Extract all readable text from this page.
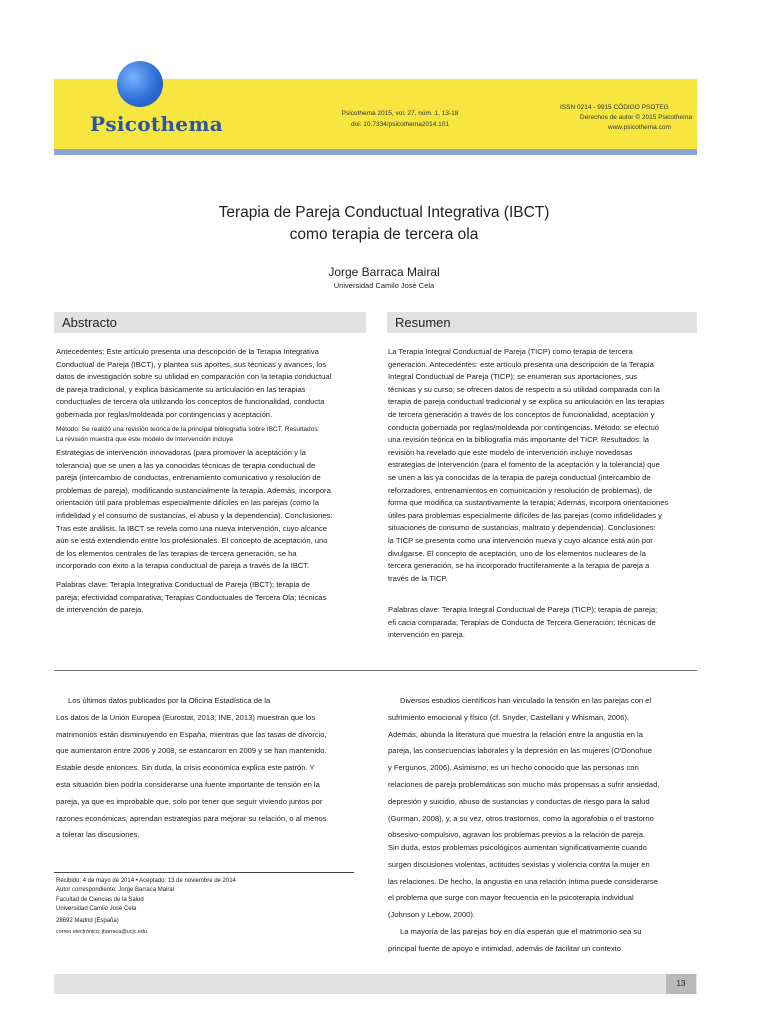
Psicothema	Psicothema 2015, vol. 27, núm. 1, 13-18
doi: 10.7334/psicothema2014.101
ISSN 0214 - 9915 CÓDIGO PSOTEG
Derechos de autor © 2015 Psicothema
www.psicothema.com
Terapia de Pareja Conductual Integrativa (IBCT)
como terapia de tercera ola
Jorge Barraca Mairal
Universidad Camilo José Cela
Abstracto	Resumen

Antecedentes: Este artículo presenta una descripción de la Terapia Integrativa

Conductual de Pareja (IBCT), y plantea sus aportes, sus técnicas y avances, los

datos de investigación sobre su utilidad en comparación con la terapia conductual

de pareja tradicional, y explica básicamente su articulación en las terapias

conductuales de tercera ola utilizando los conceptos de funcionalidad, conducta

gobernada por reglas/moldeada por contingencias y aceptación.

Método: Se realizó una revisión teórica de la principal bibliografía sobre IBCT. Resultados:

La revisión muestra que este modelo de intervención incluye

Estrategias de intervención innovadoras (para promover la aceptación y la

tolerancia) que se unen a las ya conocidas técnicas de terapia conductual de

pareja (intercambio de conductas, entrenamiento comunicativo y resolución de

problemas de pareja), modificando sustancialmente la terapia. Además, incorpora

orientación útil para problemas especialmente difíciles en las parejas (como la

infidelidad y el consumo de sustancias, el abuso y la dependencia). Conclusiones:

Tras este análisis, la IBCT se revela como una nueva intervención, cuyo alcance

aún se está extendiendo entre los profesionales. El concepto de aceptación, uno

de los elementos centrales de las terapias de tercera generación, se ha

incorporado con éxito a la terapia conductual de pareja a través de la IBCT.

Palabras clave: Terapia Integrativa Conductual de Pareja (IBCT); terapia de

pareja; efectividad comparativa; Terapias Conductuales de Tercera Ola; técnicas

de intervención de pareja.

La Terapia Integral Conductual de Pareja (TICP) como terapia de tercera

generación. Antecedentes: este artículo presenta una descripción de la Terapia

Integral Conductual de Pareja (TICP); se enumeran sus aportaciones, sus

técnicas y su curso; se ofrecen datos de respecto a su utilidad comparada con la

terapia de pareja conductual tradicional y se explica su articulación en las terapias

de tercera generación a través de los conceptos de funcionalidad, aceptación y

conducta gobernada por reglas/moldeada por contingencias. Método: se efectuó

una revisión teórica en la bibliografía más importante del TICP. Resultados: la

revisión ha revelado que este modelo de intervención incluye novedosas

estrategias de intervención (para el fomento de la aceptación y la tolerancia) que

se unen a las ya conocidas de la terapia de pareja conductual (intercambio de

reforzadores, entrenamientos en comunicación y resolución de problemas), de

forma que modifica ca sustantivamente la terapia; Además, incorpora orientaciones

útiles para problemas especialmente difíciles de las parejas (como infidelidades y

situaciones de consumo de sustancias, maltrato y dependencia). Conclusiones:

la TICP se presenta como una intervención nueva y cuyo alcance está aún por

divulgarse. El concepto de aceptación, uno de los elementos nucleares de la

tercera generación, se ha incorporado fructíferamente a la terapia de pareja a

través de la TICP.

Palabras clave: Terapia Integral Conductual de Pareja (TICP); terapia de pareja;

efi cacia comparada; Terapias de Conducta de Tercera Generación; técnicas de

intervención en pareja.

Los últimos datos publicados por la Oficina Estadística de la

Los datos de la Unión Europea (Eurostat, 2013; INE, 2013) muestran que los

matrimonios están disminuyendo en España, mientras que las tasas de divorcio,

que aumentaron entre 2006 y 2008, se estancaron en 2009 y se han mantenido.

Estable desde entonces. Sin duda, la crisis económica explica este patrón. Y

esta situación bien podría considerarse una fuente importante de tensión en la

pareja, ya que es improbable que, solo por tener que seguir viviendo juntos por

razones económicas, aprendan estrategias para mejorar su relación, o al menos

a tolerar las discusiones.

Diversos estudios científicos han vinculado la tensión en las parejas con el

sufrimiento emocional y físico (cf. Snyder, Castellani y Whisman, 2006).

Además, abunda la literatura que muestra la relación entre la angustia en la

pareja, las consecuencias laborales y la depresión en las mujeres (O'Donohue

y Fergunos, 2006). Asimismo, es un hecho conocido que las personas con

relaciones de pareja problemáticas son mucho más propensas a sufrir ansiedad,

depresión y suicidio, abuso de sustancias y conductas de riesgo para la salud

(Gurman, 2008), y, a su vez, otros trastornos, como la agorafobia o el trastorno

obsesivo-compulsivo, agravan los problemas previos a la relación de pareja.

Sin duda, estos problemas psicológicos aumentan significativamente cuando

surgen discusiones violentas, actitudes sexistas y violencia contra la mujer en

las relaciones. De hecho, la angustia en una relación íntima puede considerarse

el problema que surge con mayor frecuencia en la psicoterapia individual

(Johnson y Lebow, 2000).

La mayoría de las parejas hoy en día esperan que el matrimonio sea su

principal fuente de apoyo e intimidad, además de facilitar un contexto

Recibido: 4 de mayo de 2014 • Aceptado: 13 de noviembre de 2014

Autor correspondiente: Jorge Barraca Mairal

Facultad de Ciencias de la Salud

Universidad Camilo José Cela

28692 Madrid (España)

correo electrónico: jbarraca@ucjc.edu

13
